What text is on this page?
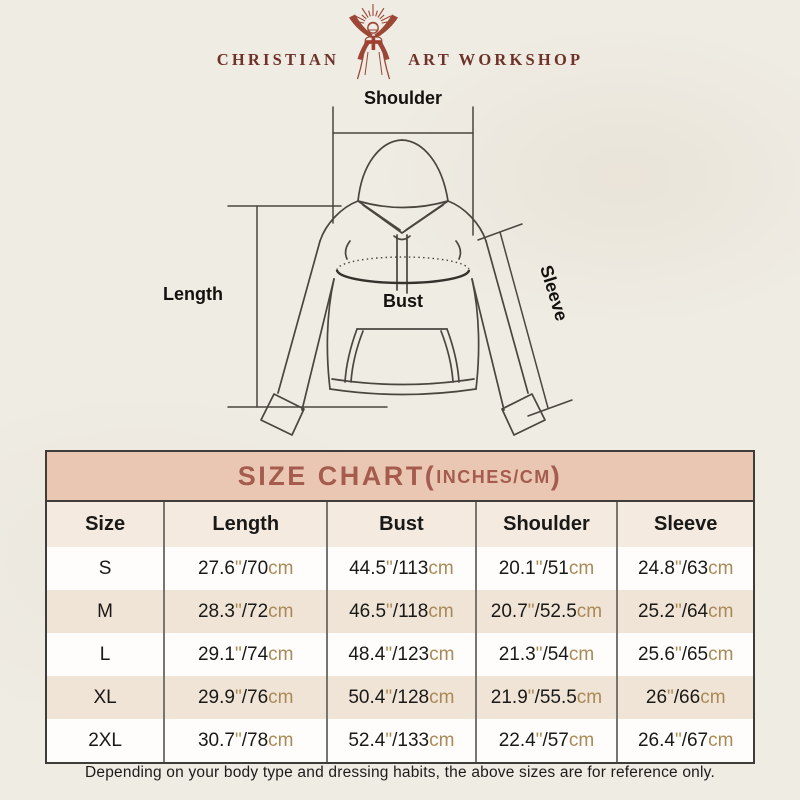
CHRISTIAN	ART WORKSHOP
Shoulder
Length	Bust	Sleeve
SIZE CHART ( INCHES/CM )
Size	Length	Bust	Shoulder	Sleeve
S	27.6"/70cm	44.5"/113cm	20.1"/51cm	24.8"/63cm
M	28.3"/72cm	46.5"/118cm	20.7"/52.5cm	25.2"/64cm
L	29.1"/74cm	48.4"/123cm	21.3"/54cm	25.6"/65cm
XL	29.9"/76cm	50.4"/128cm	21.9"/55.5cm	26"/66cm
2XL	30.7"/78cm	52.4"/133cm	22.4"/57cm	26.4"/67cm
Depending on your body type and dressing habits, the above sizes are for reference only.
